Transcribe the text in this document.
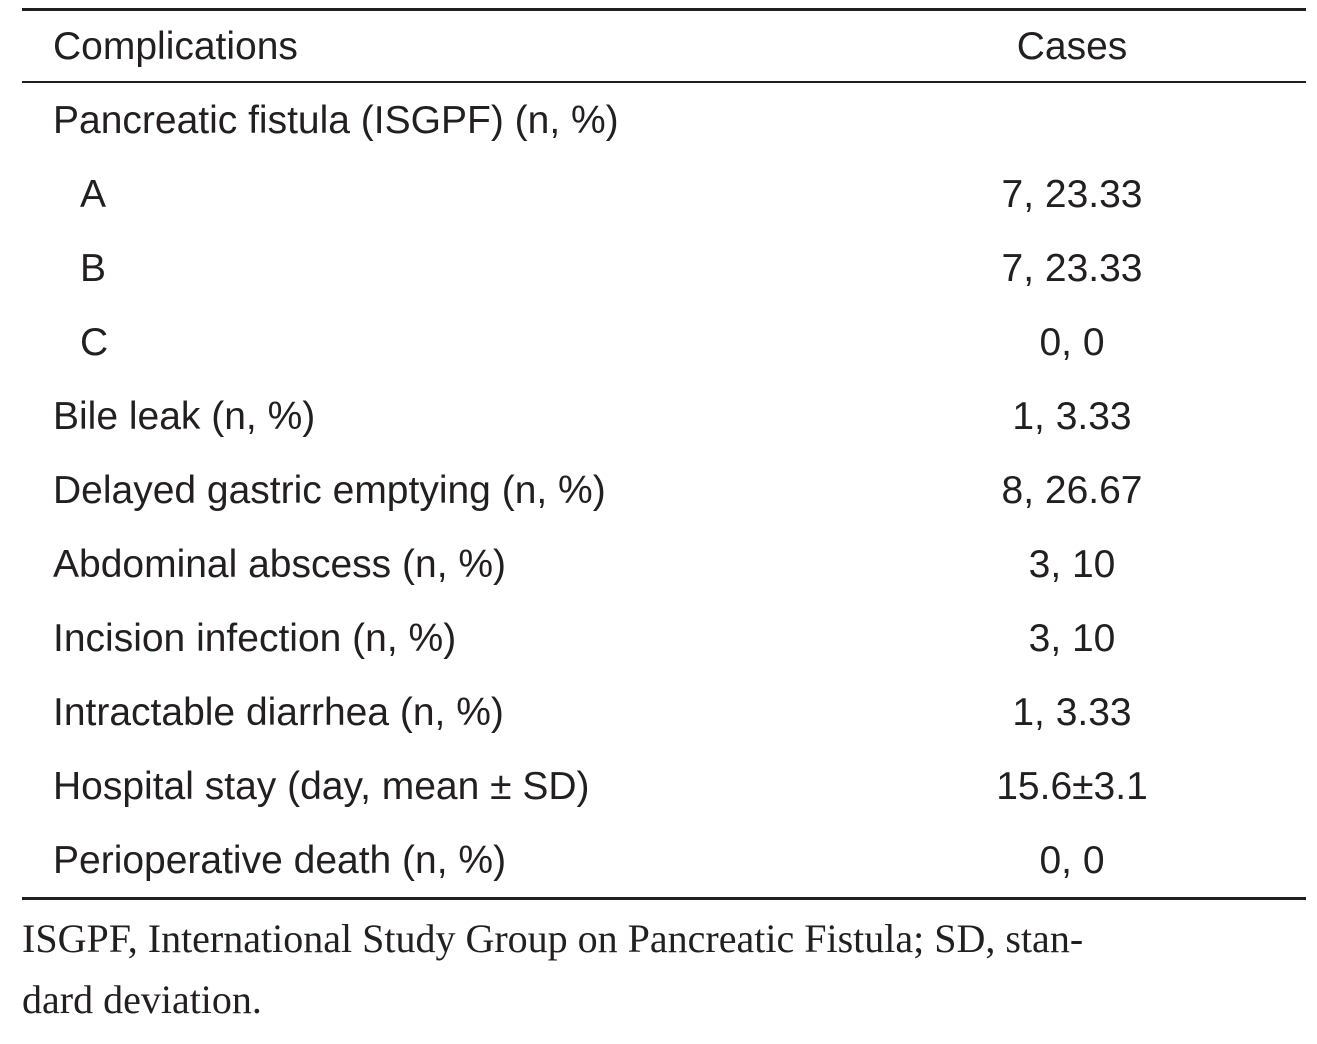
Complications	Cases
Pancreatic fistula (ISGPF) (n, %)
A	7, 23.33
B	7, 23.33
C	0, 0
Bile leak (n, %)	1, 3.33
Delayed gastric emptying (n, %)	8, 26.67
Abdominal abscess (n, %)	3, 10
Incision infection (n, %)	3, 10
Intractable diarrhea (n, %)	1, 3.33
Hospital stay (day, mean ± SD)	15.6±3.1
Perioperative death (n, %)	0, 0
ISGPF, International Study Group on Pancreatic Fistula; SD, stan-
dard deviation.
